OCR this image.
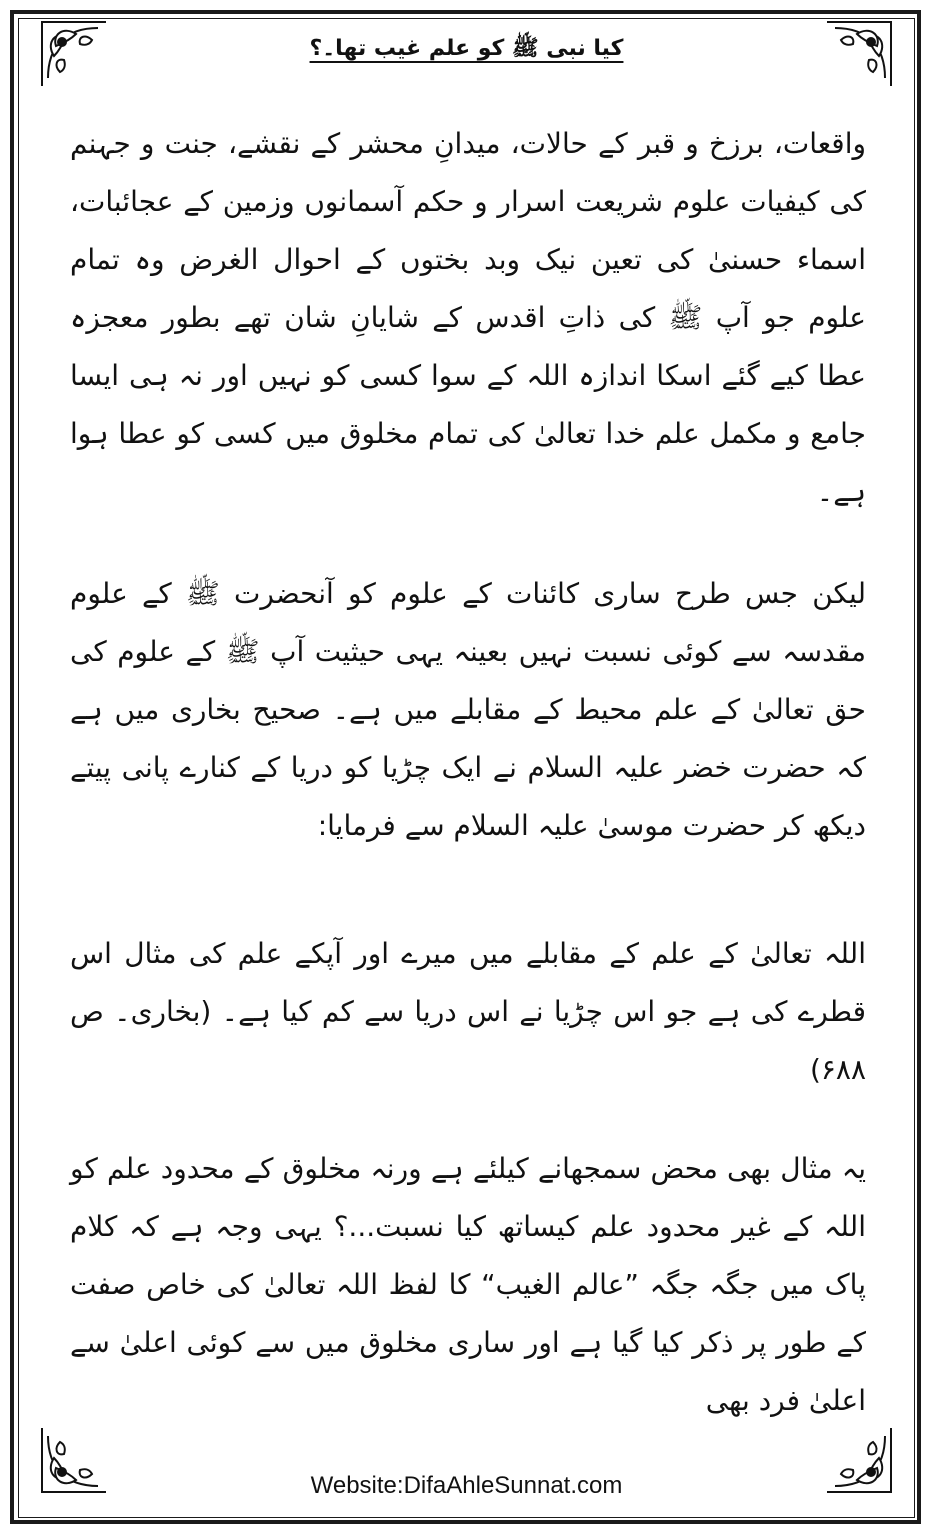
کیا نبی ﷺ کو علم غیب تھا۔؟
واقعات، برزخ و قبر کے حالات، میدانِ محشر کے نقشے، جنت و جہنم کی کیفیات علوم شریعت اسرار و حکم آسمانوں وزمین کے عجائبات، اسماء حسنیٰ کی تعین نیک وبد بختوں کے احوال الغرض وہ تمام علوم جو آپ ﷺ کی ذاتِ اقدس کے شایانِ شان تھے بطور معجزہ عطا کیے گئے اسکا اندازہ اللہ کے سوا کسی کو نہیں اور نہ ہی ایسا جامع و مکمل علم خدا تعالیٰ کی تمام مخلوق میں کسی کو عطا ہوا ہے۔
لیکن جس طرح ساری کائنات کے علوم کو آنحضرت ﷺ کے علوم مقدسہ سے کوئی نسبت نہیں بعینہ یہی حیثیت آپ ﷺ کے علوم کی حق تعالیٰ کے علم محیط کے مقابلے میں ہے۔ صحیح بخاری میں ہے کہ حضرت خضر علیہ السلام نے ایک چڑیا کو دریا کے کنارے پانی پیتے دیکھ کر حضرت موسیٰ علیہ السلام سے فرمایا:
اللہ تعالیٰ کے علم کے مقابلے میں میرے اور آپکے علم کی مثال اس قطرے کی ہے جو اس چڑیا نے اس دریا سے کم کیا ہے۔ (بخاری۔ ص ۶۸۸)
یہ مثال بھی محض سمجھانے کیلئے ہے ورنہ مخلوق کے محدود علم کو اللہ کے غیر محدود علم کیساتھ کیا نسبت...؟ یہی وجہ ہے کہ کلام پاک میں جگہ جگہ ”عالم الغیب“ کا لفظ اللہ تعالیٰ کی خاص صفت کے طور پر ذکر کیا گیا ہے اور ساری مخلوق میں سے کوئی اعلیٰ سے اعلیٰ فرد بھی
Website:DifaAhleSunnat.com
